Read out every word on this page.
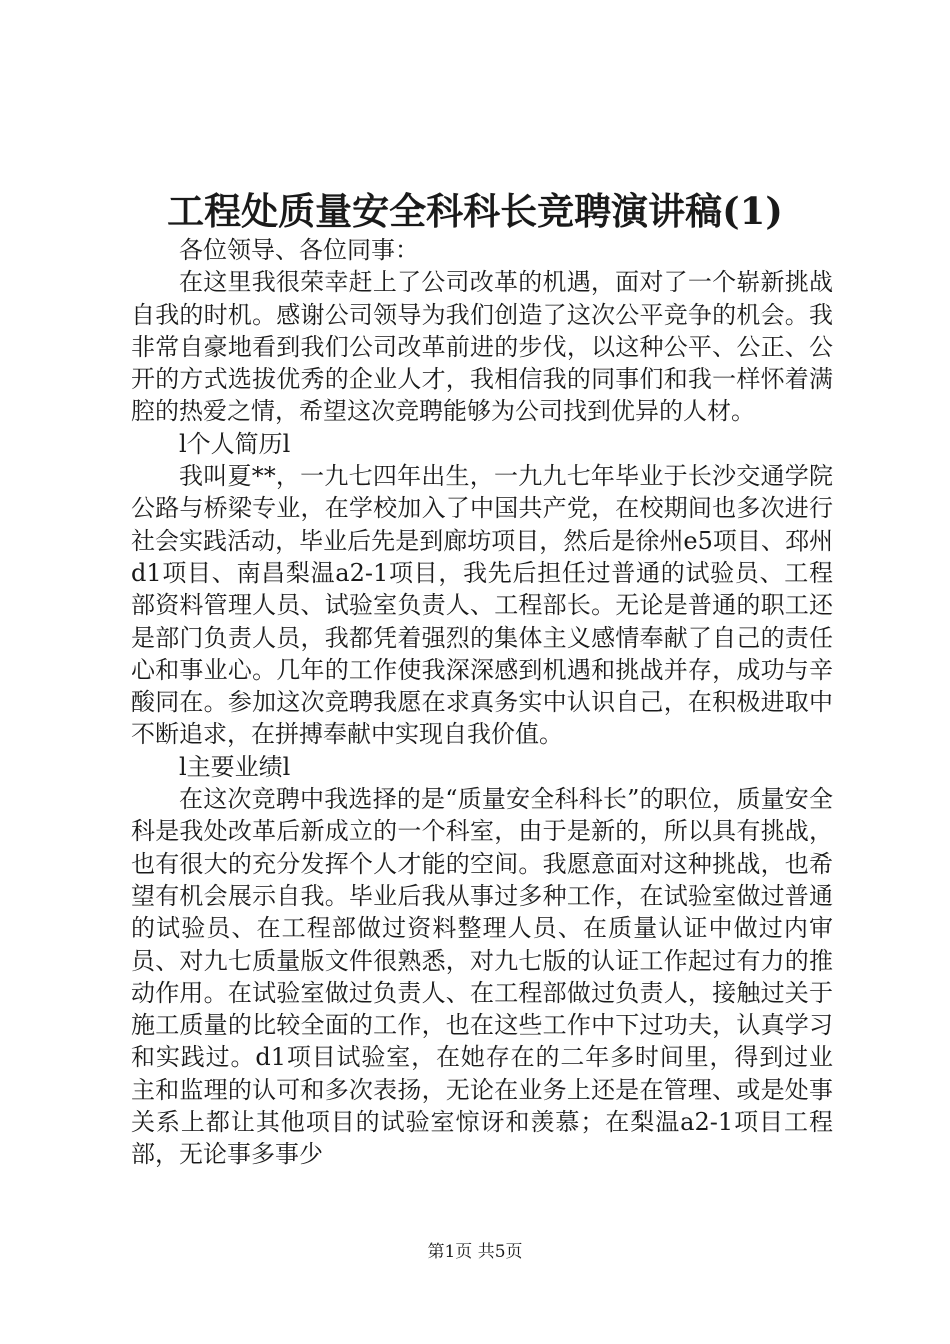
工程处质量安全科科长竞聘演讲稿(1)

各位领导、各位同事：

在这里我很荣幸赶上了公司改革的机遇，面对了一个崭新挑战自我的时机。感谢公司领导为我们创造了这次公平竞争的机会。我非常自豪地看到我们公司改革前进的步伐，以这种公平、公正、公开的方式选拔优秀的企业人才，我相信我的同事们和我一样怀着满腔的热爱之情，希望这次竞聘能够为公司找到优异的人材。

l个人简历l

我叫夏**，一九七四年出生，一九九七年毕业于长沙交通学院公路与桥梁专业，在学校加入了中国共产党，在校期间也多次进行社会实践活动，毕业后先是到廊坊项目，然后是徐州e5项目、邳州d1项目、南昌梨温a2-1项目，我先后担任过普通的试验员、工程部资料管理人员、试验室负责人、工程部长。无论是普通的职工还是部门负责人员，我都凭着强烈的集体主义感情奉献了自己的责任心和事业心。几年的工作使我深深感到机遇和挑战并存，成功与辛酸同在。参加这次竞聘我愿在求真务实中认识自己，在积极进取中不断追求，在拼搏奉献中实现自我价值。

l主要业绩l

在这次竞聘中我选择的是“质量安全科科长”的职位，质量安全科是我处改革后新成立的一个科室，由于是新的，所以具有挑战，也有很大的充分发挥个人才能的空间。我愿意面对这种挑战，也希望有机会展示自我。毕业后我从事过多种工作，在试验室做过普通的试验员、在工程部做过资料整理人员、在质量认证中做过内审员、对九七质量版文件很熟悉，对九七版的认证工作起过有力的推动作用。在试验室做过负责人、在工程部做过负责人，接触过关于施工质量的比较全面的工作，也在这些工作中下过功夫，认真学习和实践过。d1项目试验室，在她存在的二年多时间里，得到过业主和监理的认可和多次表扬，无论在业务上还是在管理、或是处事关系上都让其他项目的试验室惊讶和羡慕；在梨温a2-1项目工程部，无论事多事少

第1页 共5页
